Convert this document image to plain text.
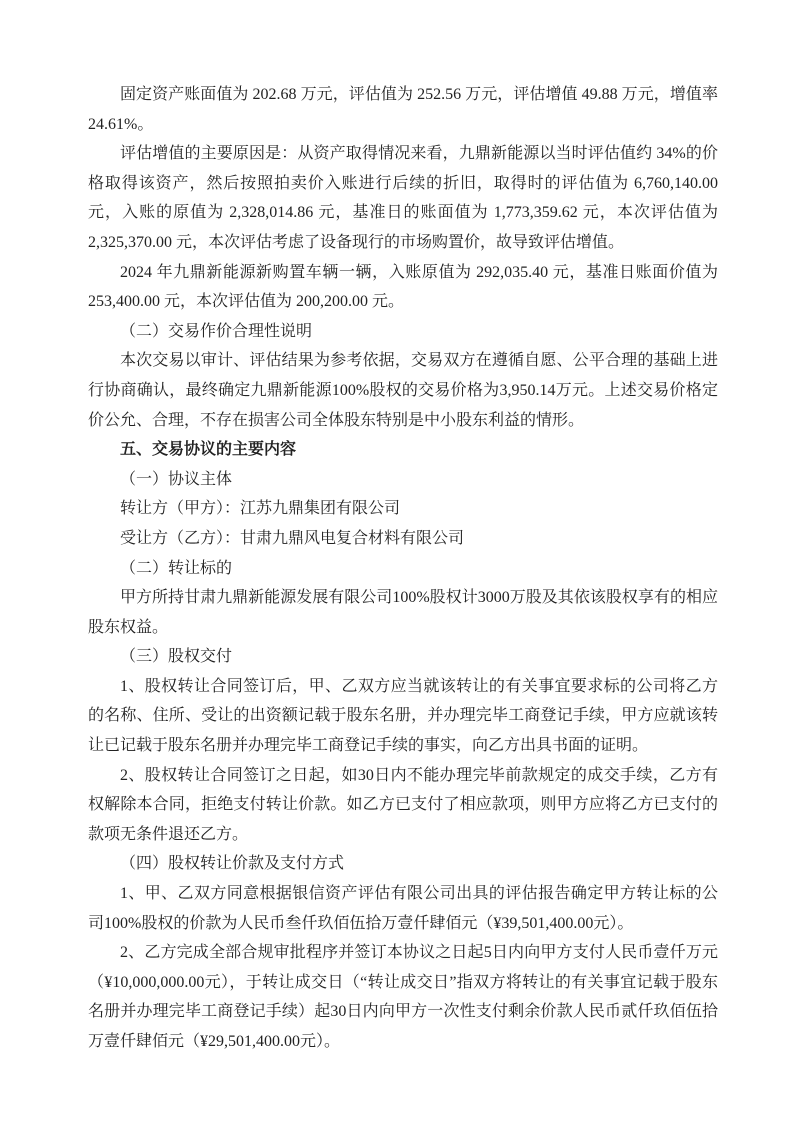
固定资产账面值为 202.68 万元，评估值为 252.56 万元，评估增值 49.88 万元，增值率 24.61%。

评估增值的主要原因是：从资产取得情况来看，九鼎新能源以当时评估值约 34%的价格取得该资产，然后按照拍卖价入账进行后续的折旧，取得时的评估值为 6,760,140.00 元，入账的原值为 2,328,014.86 元，基准日的账面值为 1,773,359.62 元，本次评估值为 2,325,370.00 元，本次评估考虑了设备现行的市场购置价，故导致评估增值。

2024 年九鼎新能源新购置车辆一辆，入账原值为 292,035.40 元，基准日账面价值为 253,400.00 元，本次评估值为 200,200.00 元。

（二）交易作价合理性说明

本次交易以审计、评估结果为参考依据，交易双方在遵循自愿、公平合理的基础上进行协商确认，最终确定九鼎新能源100%股权的交易价格为3,950.14万元。上述交易价格定价公允、合理，不存在损害公司全体股东特别是中小股东利益的情形。

五、交易协议的主要内容

（一）协议主体

转让方（甲方）：江苏九鼎集团有限公司

受让方（乙方）：甘肃九鼎风电复合材料有限公司

（二）转让标的

甲方所持甘肃九鼎新能源发展有限公司100%股权计3000万股及其依该股权享有的相应股东权益。

（三）股权交付

1、股权转让合同签订后，甲、乙双方应当就该转让的有关事宜要求标的公司将乙方的名称、住所、受让的出资额记载于股东名册，并办理完毕工商登记手续，甲方应就该转让已记载于股东名册并办理完毕工商登记手续的事实，向乙方出具书面的证明。

2、股权转让合同签订之日起，如30日内不能办理完毕前款规定的成交手续，乙方有权解除本合同，拒绝支付转让价款。如乙方已支付了相应款项，则甲方应将乙方已支付的款项无条件退还乙方。

（四）股权转让价款及支付方式

1、甲、乙双方同意根据银信资产评估有限公司出具的评估报告确定甲方转让标的公司100%股权的价款为人民币叁仟玖佰伍拾万壹仟肆佰元（¥39,501,400.00元）。

2、乙方完成全部合规审批程序并签订本协议之日起5日内向甲方支付人民币壹仟万元（¥10,000,000.00元），于转让成交日（“转让成交日”指双方将转让的有关事宜记载于股东名册并办理完毕工商登记手续）起30日内向甲方一次性支付剩余价款人民币贰仟玖佰伍拾万壹仟肆佰元（¥29,501,400.00元）。
